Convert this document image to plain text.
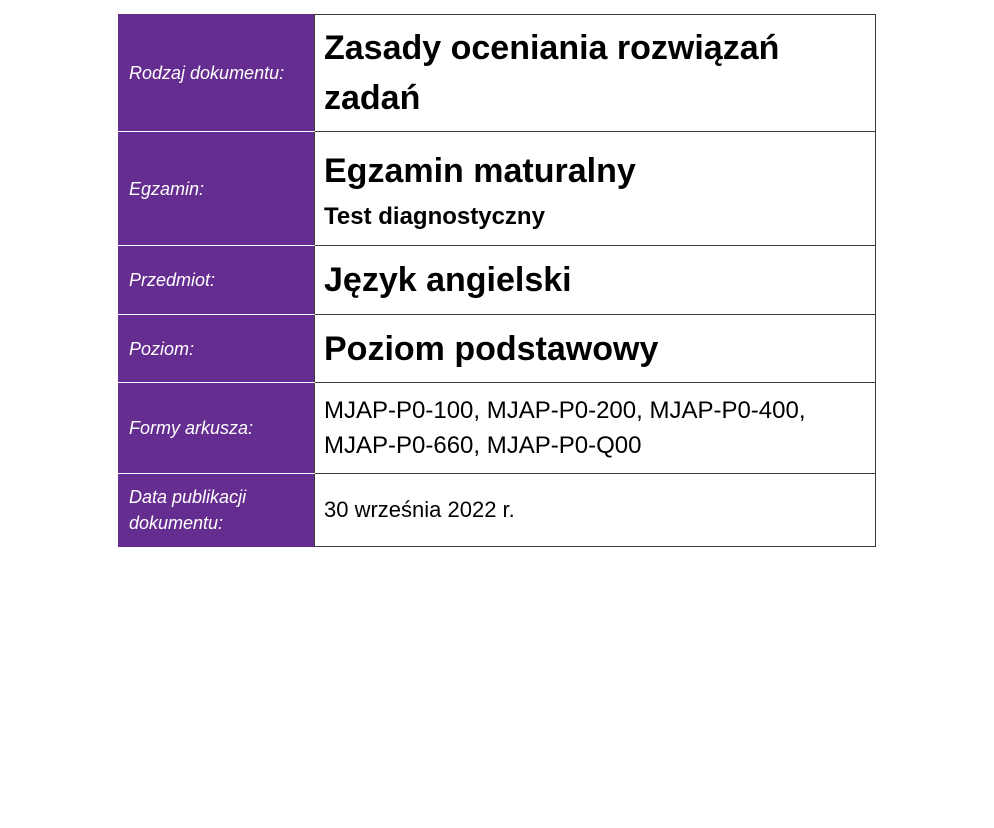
Rodzaj dokumentu:	Zasady oceniania rozwiązań zadań

Egzamin:	Egzamin maturalny
Test diagnostyczny

Przedmiot:	Język angielski

Poziom:	Poziom podstawowy

Formy arkusza:	MJAP-P0-100, MJAP-P0-200, MJAP-P0-400, MJAP-P0-660, MJAP-P0-Q00

Data publikacji dokumentu:	30 września 2022 r.
